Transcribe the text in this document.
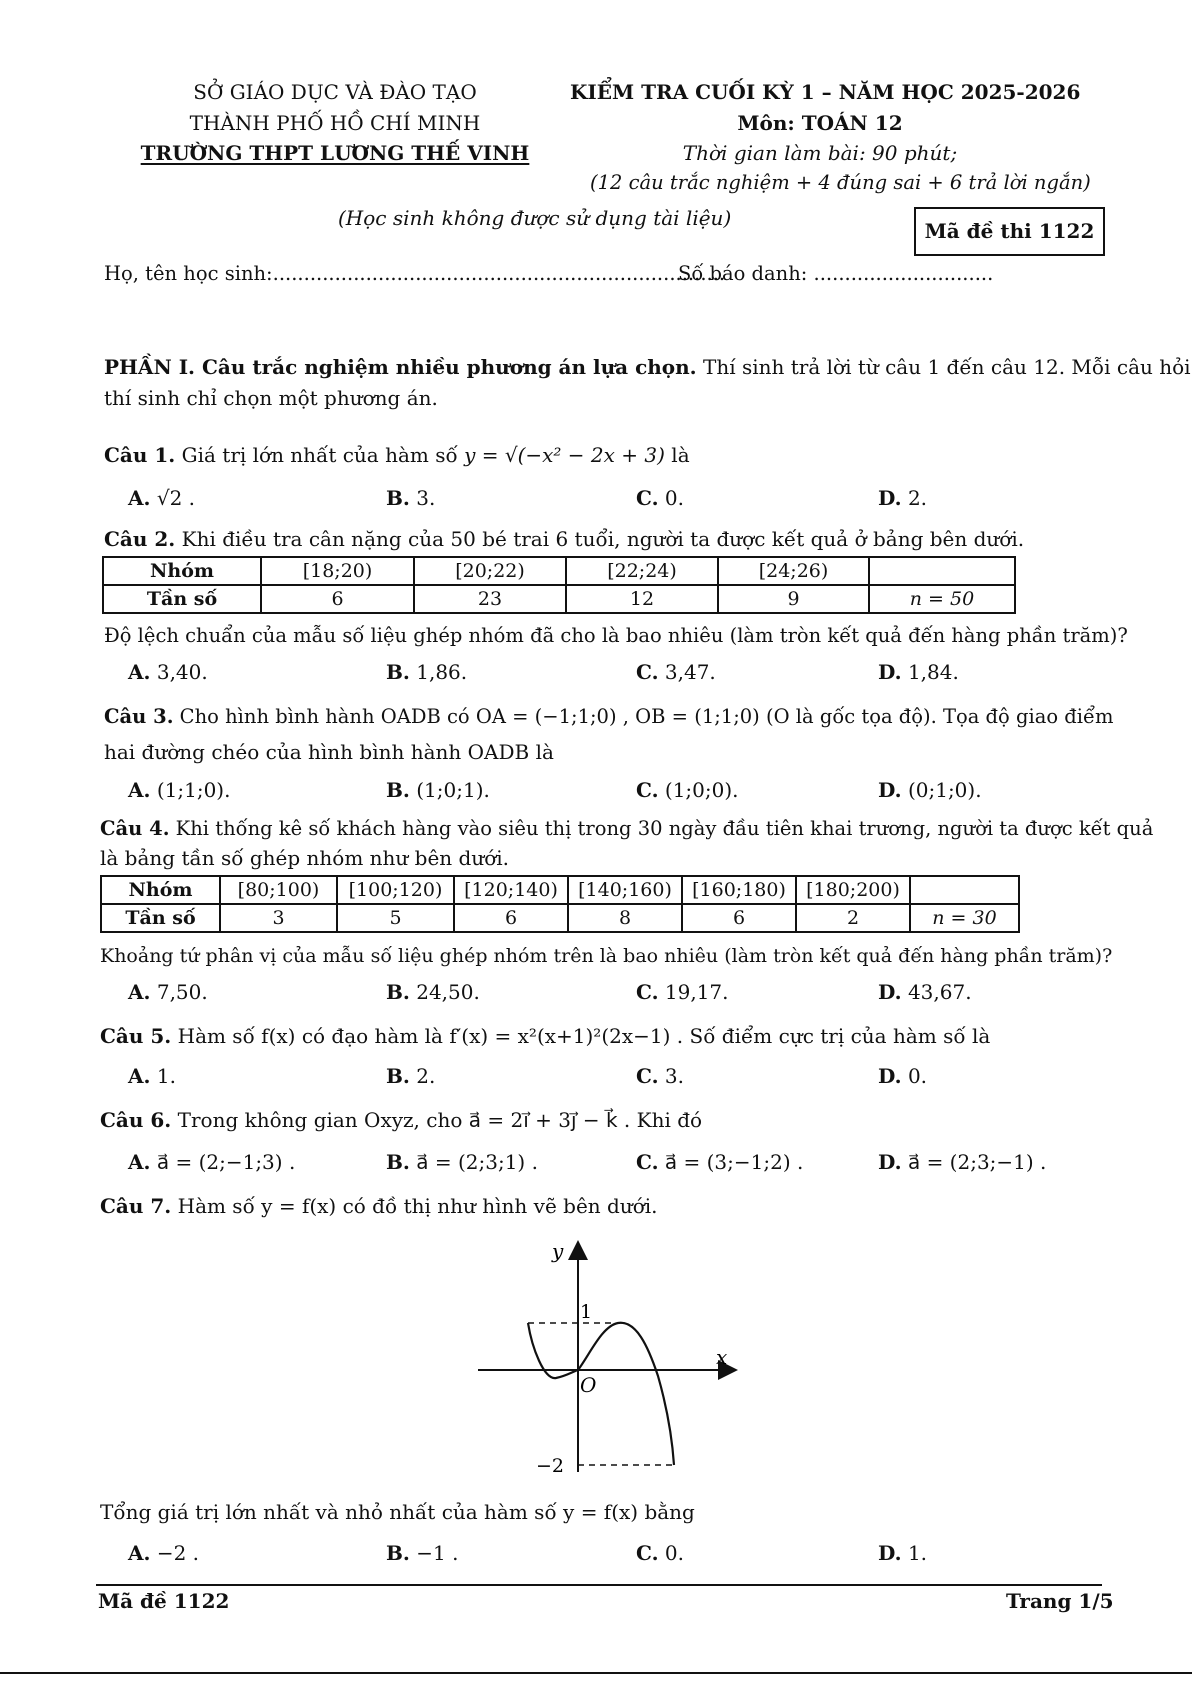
SỞ GIÁO DỤC VÀ ĐÀO TẠO
THÀNH PHỐ HỒ CHÍ MINH
TRƯỜNG THPT LƯƠNG THẾ VINH
KIỂM TRA CUỐI KỲ 1 – NĂM HỌC 2025-2026
Môn: TOÁN 12
Thời gian làm bài: 90 phút;
(12 câu trắc nghiệm + 4 đúng sai + 6 trả lời ngắn)
(Học sinh không được sử dụng tài liệu)
Mã đề thi 1122
Họ, tên học sinh:.........................................................................
Số báo danh: .............................
PHẦN I. Câu trắc nghiệm nhiều phương án lựa chọn. Thí sinh trả lời từ câu 1 đến câu 12. Mỗi câu hỏi
thí sinh chỉ chọn một phương án.
Câu 1. Giá trị lớn nhất của hàm số y = √(−x² − 2x + 3) là
A. √2 .	B. 3.	C. 0.	D. 2.
Câu 2. Khi điều tra cân nặng của 50 bé trai 6 tuổi, người ta được kết quả ở bảng bên dưới.
Nhóm	[18;20)	[20;22)	[22;24)	[24;26)	
Tần số	6	23	12	9	n = 50
Độ lệch chuẩn của mẫu số liệu ghép nhóm đã cho là bao nhiêu (làm tròn kết quả đến hàng phần trăm)?
A. 3,40.	B. 1,86.	C. 3,47.	D. 1,84.
Câu 3. Cho hình bình hành OADB có OA = (−1;1;0) , OB = (1;1;0) (O là gốc tọa độ). Tọa độ giao điểm
hai đường chéo của hình bình hành OADB là
A. (1;1;0).	B. (1;0;1).	C. (1;0;0).	D. (0;1;0).
Câu 4. Khi thống kê số khách hàng vào siêu thị trong 30 ngày đầu tiên khai trương, người ta được kết quả
là bảng tần số ghép nhóm như bên dưới.
Nhóm	[80;100)	[100;120)	[120;140)	[140;160)	[160;180)	[180;200)	
Tần số	3	5	6	8	6	2	n = 30
Khoảng tứ phân vị của mẫu số liệu ghép nhóm trên là bao nhiêu (làm tròn kết quả đến hàng phần trăm)?
A. 7,50.	B. 24,50.	C. 19,17.	D. 43,67.
Câu 5. Hàm số f(x) có đạo hàm là f′(x) = x²(x+1)²(2x−1) . Số điểm cực trị của hàm số là
A. 1.	B. 2.	C. 3.	D. 0.
Câu 6. Trong không gian Oxyz, cho a⃗ = 2i⃗ + 3j⃗ − k⃗ . Khi đó
A. a⃗ = (2;−1;3) .	B. a⃗ = (2;3;1) .	C. a⃗ = (3;−1;2) .	D. a⃗ = (2;3;−1) .
Câu 7. Hàm số y = f(x) có đồ thị như hình vẽ bên dưới.
y
x
O
1
−2
Tổng giá trị lớn nhất và nhỏ nhất của hàm số y = f(x) bằng
A. −2 .	B. −1 .	C. 0.	D. 1.
Mã đề 1122	Trang 1/5
